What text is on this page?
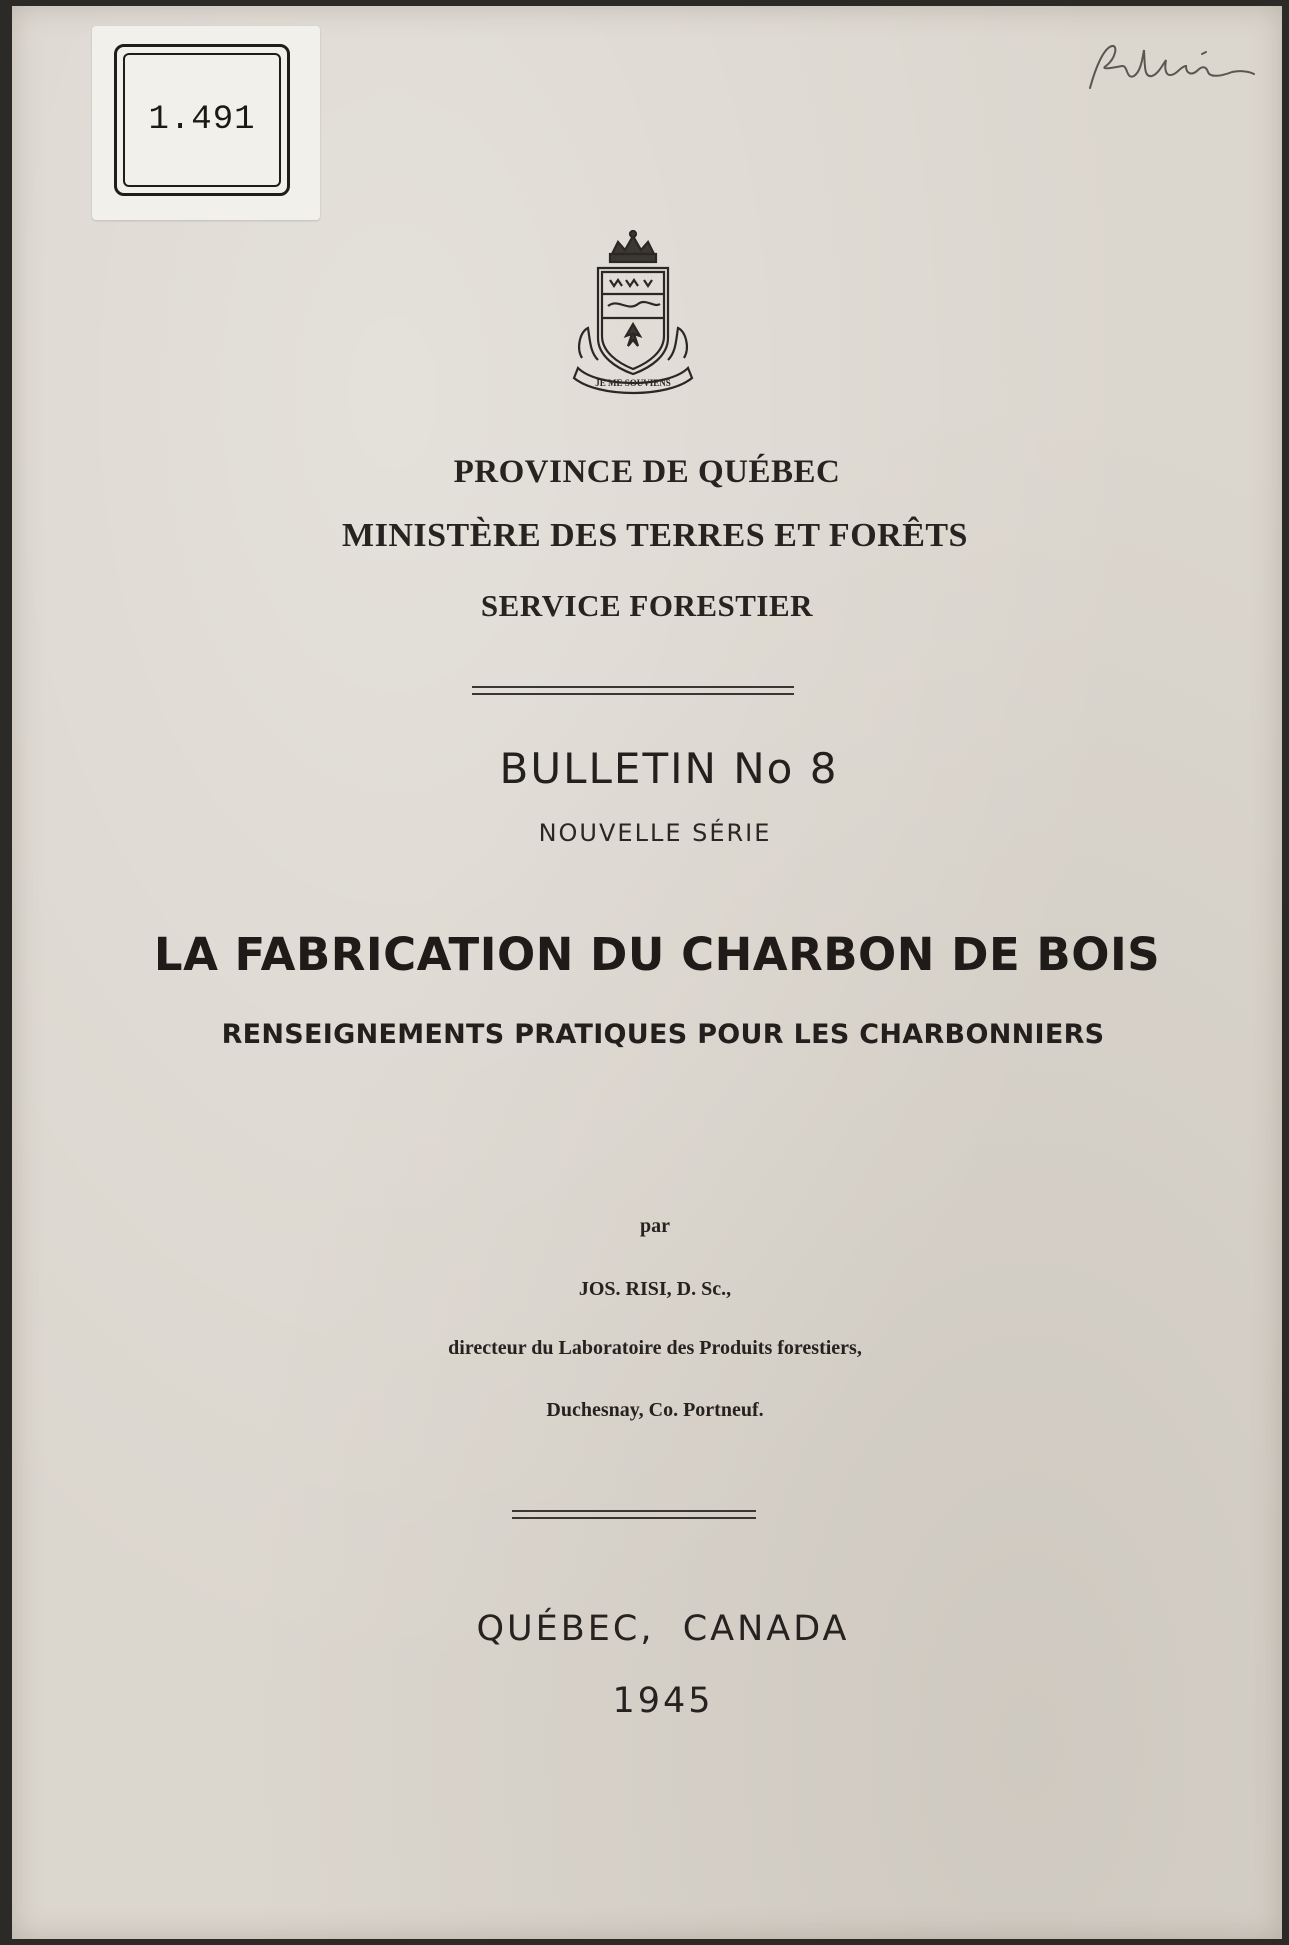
1.491
JE ME SOUVIENS
PROVINCE DE QUÉBEC
MINISTÈRE DES TERRES ET FORÊTS
SERVICE FORESTIER
BULLETIN No 8
NOUVELLE SÉRIE
LA FABRICATION DU CHARBON DE BOIS
RENSEIGNEMENTS PRATIQUES POUR LES CHARBONNIERS
par
JOS. RISI, D. Sc.,
directeur du Laboratoire des Produits forestiers,
Duchesnay, Co. Portneuf.
QUÉBEC,  CANADA
1945
